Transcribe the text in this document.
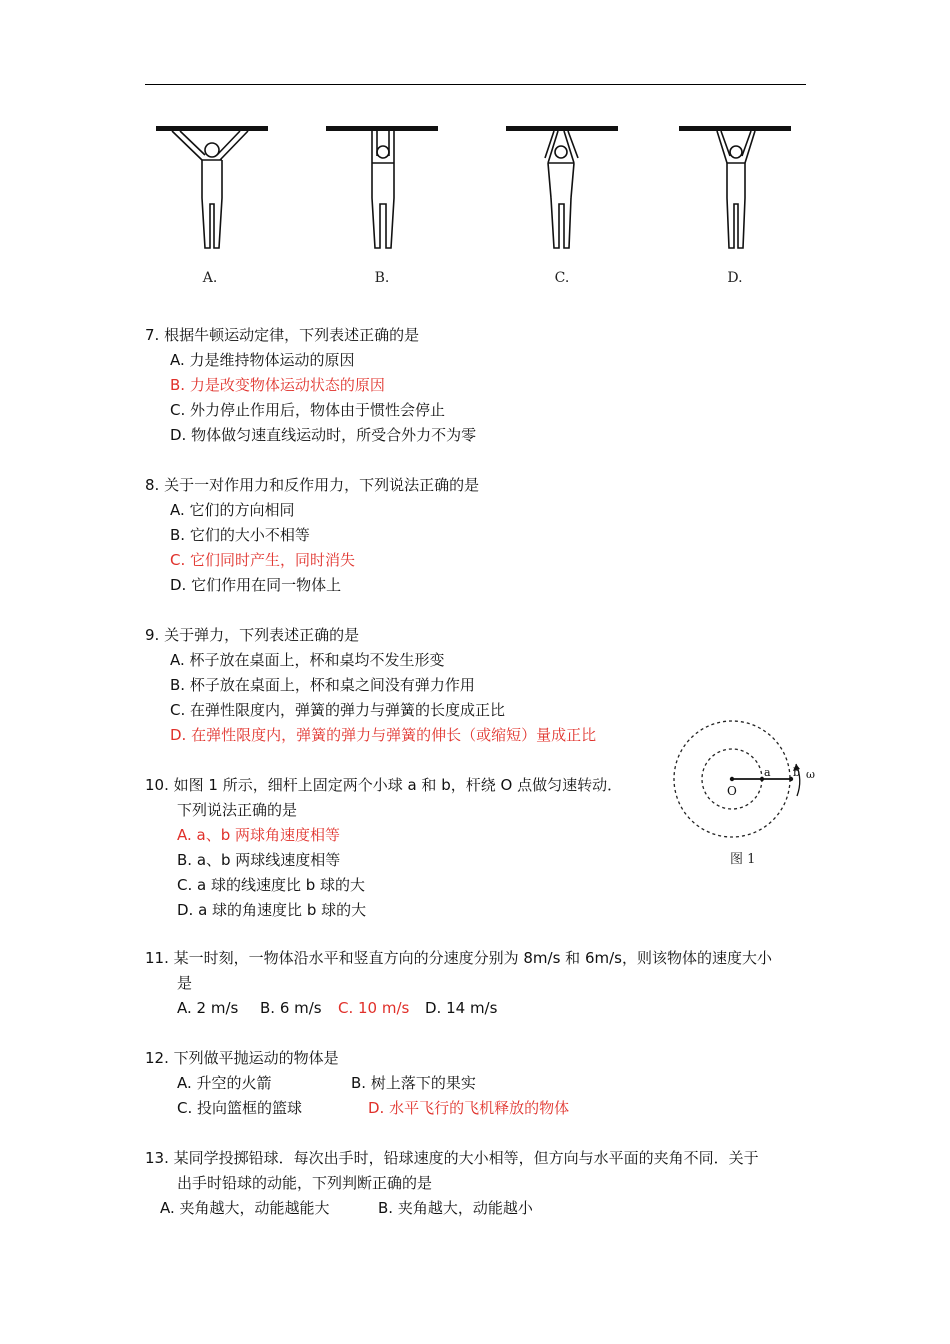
A.	B.	C.	D.
7. 根据牛顿运动定律，下列表述正确的是
A. 力是维持物体运动的原因
B. 力是改变物体运动状态的原因
C. 外力停止作用后，物体由于惯性会停止
D. 物体做匀速直线运动时，所受合外力不为零
8. 关于一对作用力和反作用力，下列说法正确的是
A. 它们的方向相同
B. 它们的大小不相等
C. 它们同时产生，同时消失
D. 它们作用在同一物体上
9. 关于弹力，下列表述正确的是
A. 杯子放在桌面上，杯和桌均不发生形变
B. 杯子放在桌面上，杯和桌之间没有弹力作用
C. 在弹性限度内，弹簧的弹力与弹簧的长度成正比
D. 在弹性限度内，弹簧的弹力与弹簧的伸长（或缩短）量成正比
10. 如图 1 所示，细杆上固定两个小球 a 和 b，杆绕 O 点做匀速转动．
下列说法正确的是
A. a、b 两球角速度相等
B. a、b 两球线速度相等
C. a 球的线速度比 b 球的大
D. a 球的角速度比 b 球的大
O
a b ω
图 1
11. 某一时刻，一物体沿水平和竖直方向的分速度分别为 8m/s 和 6m/s，则该物体的速度大小
是
A. 2 m/s B. 6 m/s C. 10 m/s D. 14 m/s
12. 下列做平抛运动的物体是
A. 升空的火箭	B. 树上落下的果实
C. 投向篮框的篮球	D. 水平飞行的飞机释放的物体
13. 某同学投掷铅球．每次出手时，铅球速度的大小相等，但方向与水平面的夹角不同．关于
出手时铅球的动能，下列判断正确的是
A. 夹角越大，动能越能大	B. 夹角越大，动能越小
